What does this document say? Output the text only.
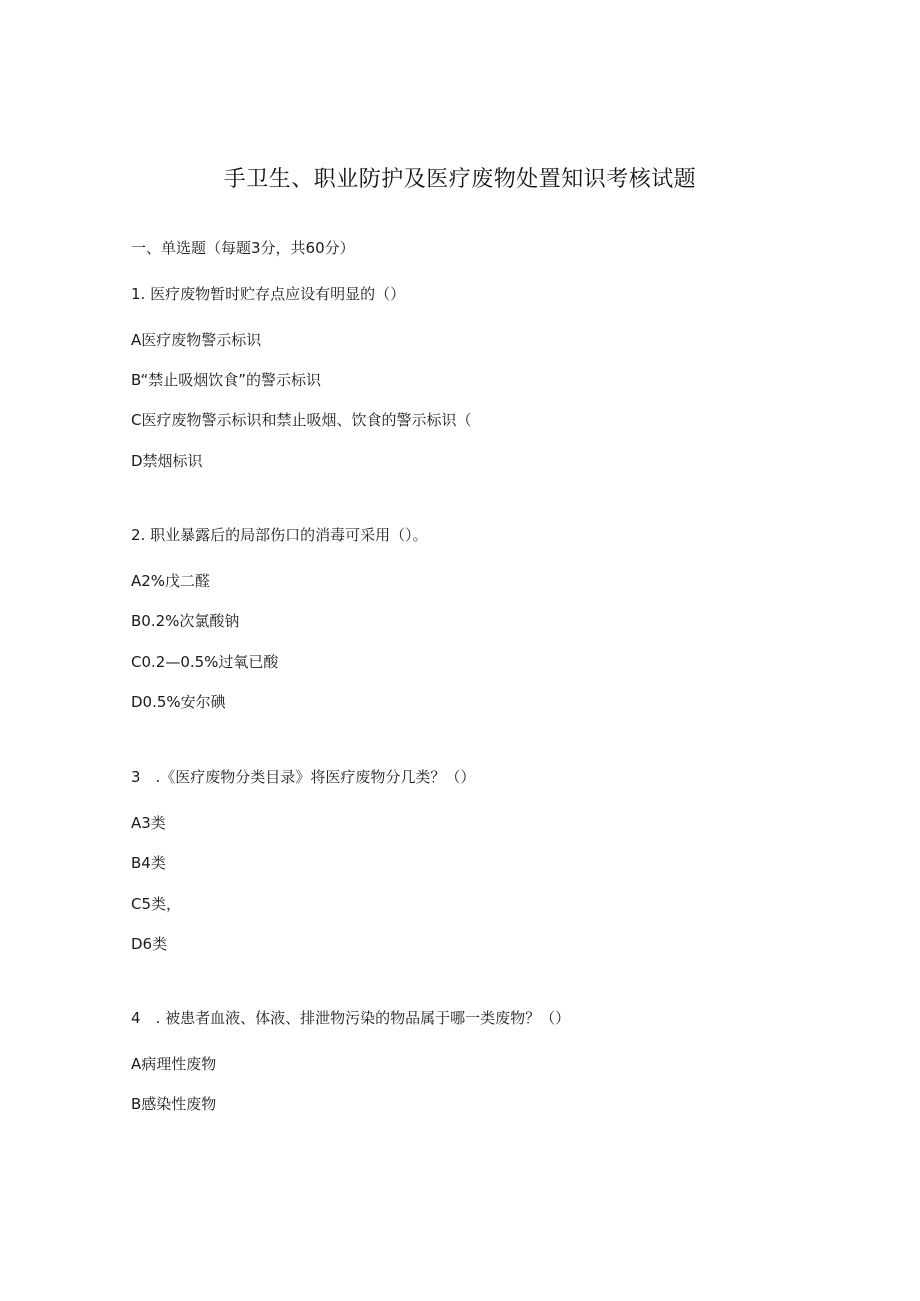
手卫生、职业防护及医疗废物处置知识考核试题
一、单选题（每题3分，共60分）
1. 医疗废物暂时贮存点应设有明显的（）
A医疗废物警示标识
B“禁止吸烟饮食”的警示标识
C医疗废物警示标识和禁止吸烟、饮食的警示标识（
D禁烟标识
2. 职业暴露后的局部伤口的消毒可采用（）。
A2%戊二醛
B0.2%次氯酸钠
C0.2—0.5%过氧已酸
D0.5%安尔碘
3　.《医疗废物分类目录》将医疗废物分几类？（）
A3类
B4类
C5类，
D6类
4　. 被患者血液、体液、排泄物污染的物品属于哪一类废物？（）
A病理性废物
B感染性废物
